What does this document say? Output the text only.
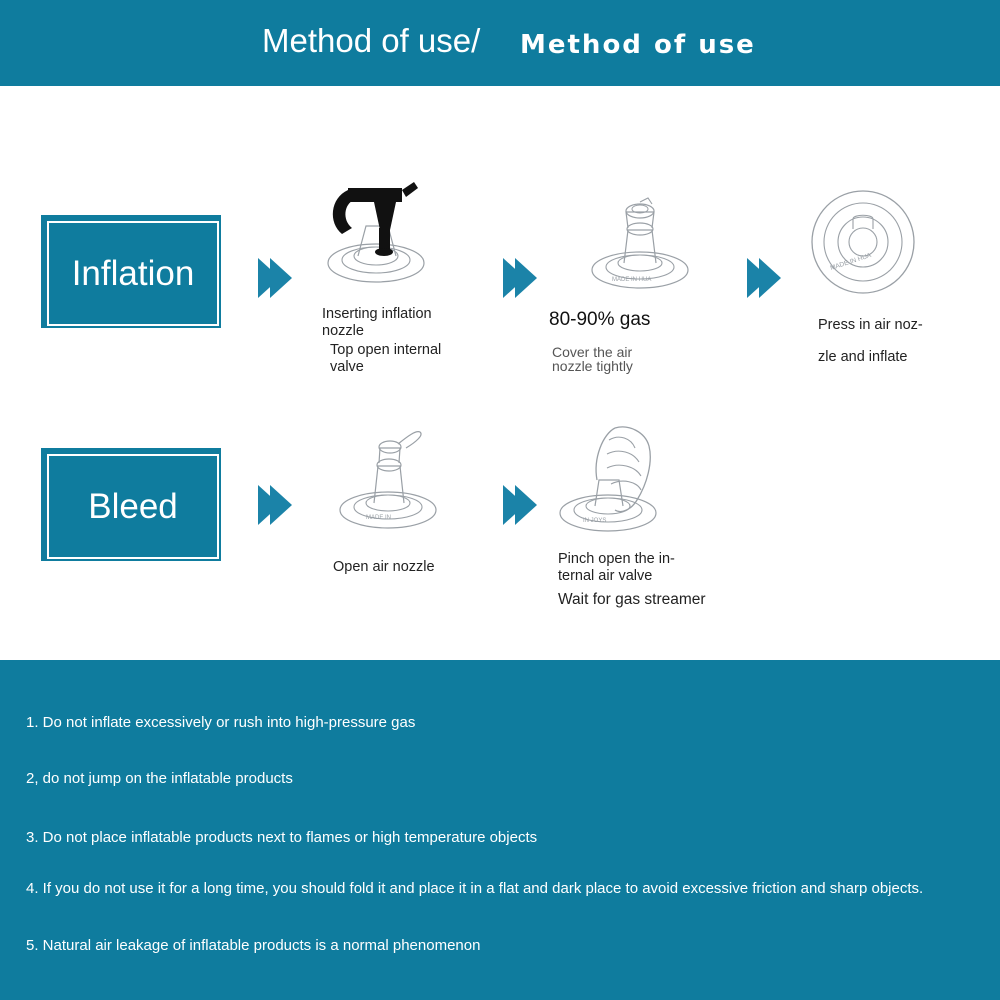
Method of use/ Method of use
Inflation
Inserting inflation
nozzle
Top open internal
valve
MADE IN HUA
80-90% gas
Cover the air
nozzle tightly
MADE IN HUA
Press in air noz-
zle and inflate
Bleed	MADE IN
Open air nozzle
IN JOYS
Pinch open the in-
ternal air valve
Wait for gas streamer
1. Do not inflate excessively or rush into high-pressure gas
2, do not jump on the inflatable products
3. Do not place inflatable products next to flames or high temperature objects
4. If you do not use it for a long time, you should fold it and place it in a flat and dark place to avoid excessive friction and sharp objects.
5. Natural air leakage of inflatable products is a normal phenomenon
